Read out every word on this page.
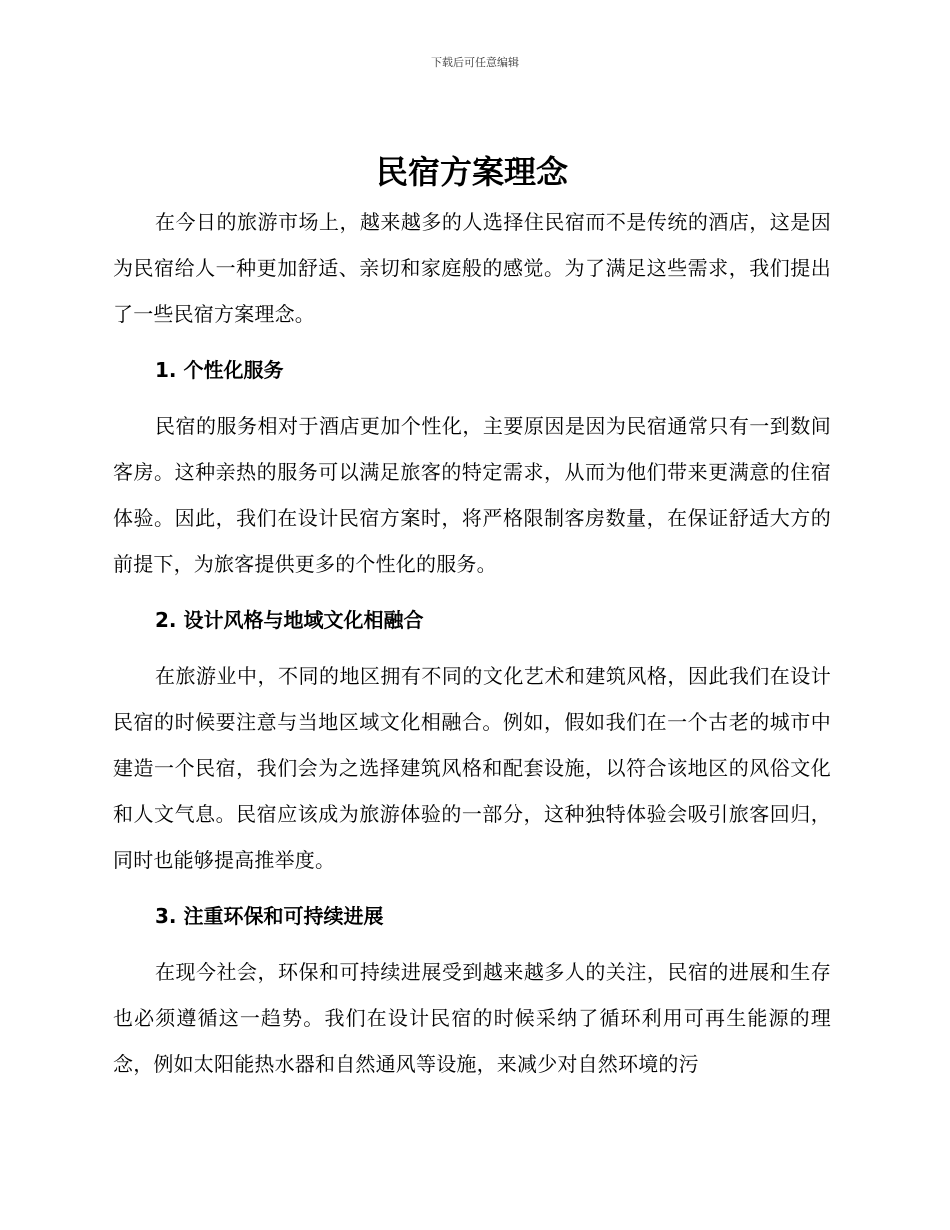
下载后可任意编辑
民宿方案理念

在今日的旅游市场上，越来越多的人选择住民宿而不是传统的酒店，这是因为民宿给人一种更加舒适、亲切和家庭般的感觉。为了满足这些需求，我们提出了一些民宿方案理念。

1. 个性化服务

民宿的服务相对于酒店更加个性化，主要原因是因为民宿通常只有一到数间客房。这种亲热的服务可以满足旅客的特定需求，从而为他们带来更满意的住宿体验。因此，我们在设计民宿方案时，将严格限制客房数量，在保证舒适大方的前提下，为旅客提供更多的个性化的服务。

2. 设计风格与地域文化相融合

在旅游业中，不同的地区拥有不同的文化艺术和建筑风格，因此我们在设计民宿的时候要注意与当地区域文化相融合。例如，假如我们在一个古老的城市中建造一个民宿，我们会为之选择建筑风格和配套设施，以符合该地区的风俗文化和人文气息。民宿应该成为旅游体验的一部分，这种独特体验会吸引旅客回归，同时也能够提高推举度。

3. 注重环保和可持续进展

在现今社会，环保和可持续进展受到越来越多人的关注，民宿的进展和生存也必须遵循这一趋势。我们在设计民宿的时候采纳了循环利用可再生能源的理念，例如太阳能热水器和自然通风等设施，来减少对自然环境的污
